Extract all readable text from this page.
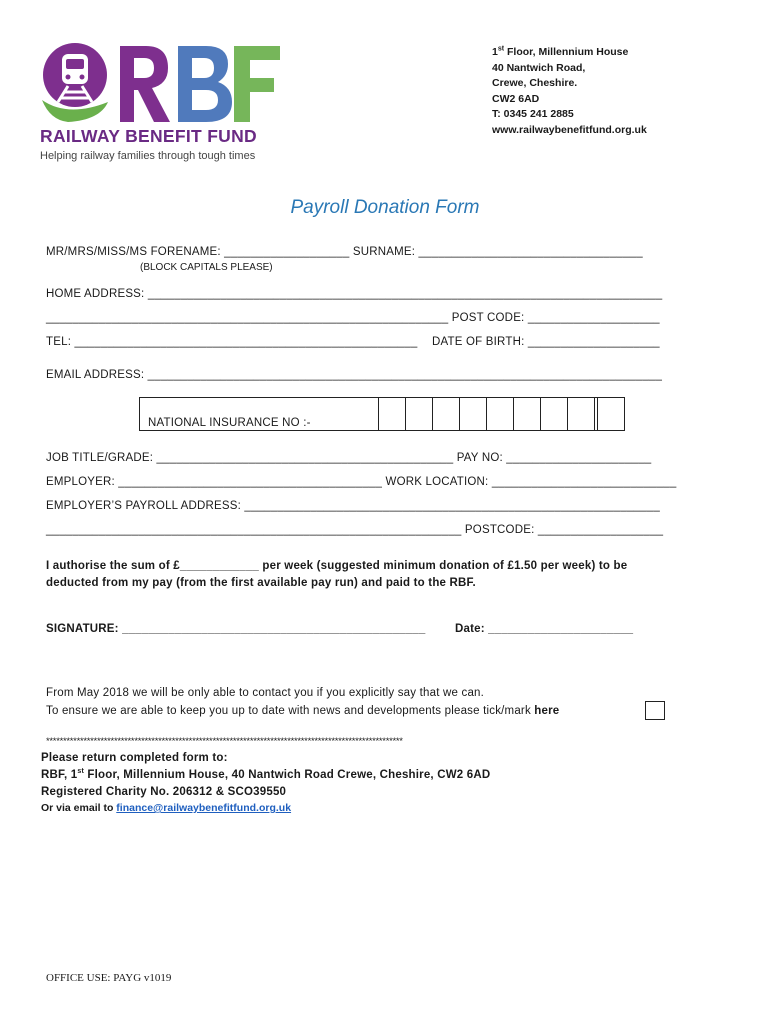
RAILWAY BENEFIT FUND
Helping railway families through tough times
1st Floor, Millennium House
40 Nantwich Road,
Crewe, Cheshire.
CW2 6AD
T: 0345 241 2885
www.railwaybenefitfund.org.uk
Payroll Donation Form
MR/MRS/MISS/MS FORENAME: ___________________ SURNAME: __________________________________
(BLOCK CAPITALS PLEASE)
HOME ADDRESS: ______________________________________________________________________________
_____________________________________________________________ POST CODE: ____________________
TEL: ____________________________________________________ DATE OF BIRTH: ____________________
EMAIL ADDRESS: ______________________________________________________________________________
NATIONAL INSURANCE NO :-
JOB TITLE/GRADE: _____________________________________________ PAY NO: ______________________
EMPLOYER: ________________________________________ WORK LOCATION: ____________________________
EMPLOYER’S PAYROLL ADDRESS: _______________________________________________________________
_______________________________________________________________ POSTCODE: ___________________
I authorise the sum of £____________ per week (suggested minimum donation of £1.50 per week) to be
deducted from my pay (from the first available pay run) and paid to the RBF.
SIGNATURE: ______________________________________________	Date: ______________________
From May 2018 we will be only able to contact you if you explicitly say that we can.
To ensure we are able to keep you up to date with news and developments please tick/mark here
*********************************************************************************************************
Please return completed form to:
RBF, 1st Floor, Millennium House, 40 Nantwich Road Crewe, Cheshire, CW2 6AD
Registered Charity No. 206312 & SCO39550
Or via email to finance@railwaybenefitfund.org.uk
OFFICE USE: PAYG v1019
